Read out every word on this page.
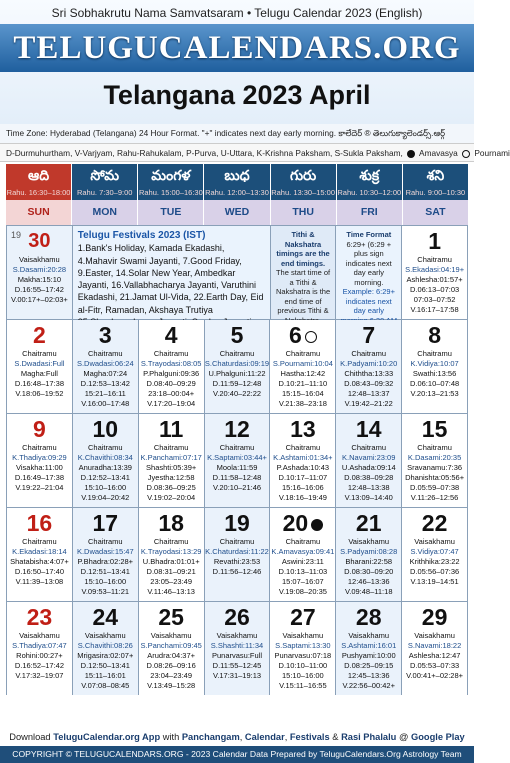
Sri Sobhakrutu Nama Samvatsaram • Telugu Calendar 2023 (English)
TELUGUCALENDARS.ORG
Telangana 2023 April
Time Zone: Hyderabad (Telangana) 24 Hour Format. "+" indicates next day early morning. కాలేదెర్ ® తెలుగుక్యాలెండర్స్.ఆర్గ్
D-Durmuhurtham, V-Varjyam, Rahu-Rahukalam, P-Purva, U-Uttara, K-Krishna Paksham, S-Sukla Paksham, Amavasya Pournami
ఆది
Rahu. 16:30–18:00
SUN
సోమ
Rahu. 7:30–9:00
MON
మంగళ
Rahu. 15:00–16:30
TUE
బుధ
Rahu. 12:00–13:30
WED
గురు
Rahu. 13:30–15:00
THU
శుక్ర
Rahu. 10:30–12:00
FRI
శని
Rahu. 9:00–10:30
SAT
19 30
Vaisakhamu
S.Dasami:20:28
Makha:15:10
D.16:55–17:42
V.00:17+–02:03+
Telugu Festivals 2023 (IST)
1.Bank's Holiday, Kamada Ekadashi, 4.Mahavir Swami Jayanti, 7.Good Friday, 9.Easter, 14.Solar New Year, Ambedkar Jayanti, 16.Vallabhacharya Jayanti, Varuthini Ekadashi, 21.Jamat Ul-Vida, 22.Earth Day, Eid al-Fitr, Ramadan, Akshaya Trutiya
Tithi & Nakshatra timings are the end timings.
The start time of a Tithi & Nakshatra is the end time of previous Tithi &
Time Format
6:29+ (6:29 + plus sign indicates next day early morning.
Example: 6:29+ indicates next day early
1
Chaitramu
S.Ekadasi:04:19+
Ashlesha:01:57+
D.06:13–07:03
07:03–07:52
V.16:17–17:58
2
Chaitramu
S.Dwadasi:Full
Magha:Full
D.16:48–17:38
V.18:06–19:52
3
Chaitramu
S.Dwadasi:06:24
Magha:07:24
D.12:53–13:42
15:21–16:11
V.16:00–17:48
4
Chaitramu
S.Trayodasi:08:05
P.Phalguni:09:36
D.08:40–09:29
23:18–00:04+
V.17:20–19:04
5
Chaitramu
S.Chaturdasi:09:19
U.Phalguni:11:22
D.11:59–12:48
V.20:40–22:22
6
Chaitramu
S.Pournami:10:04
Hastha:12:42
D.10:21–11:10
15:15–16:04
V.21:38–23:18
7
Chaitramu
K.Padyami:10:20
Chiththa:13:33
D.08:43–09:32
12:48–13:37
V.19:42–21:22
8
Chaitramu
K.Vidiya:10:07
Swathi:13:56
D.06:10–07:48
V.20:13–21:53
9
Chaitramu
K.Thadiya:09:29
Visakha:11:00
D.16:49–17:38
V.19:22–21:04
10
Chaitramu
K.Chavithi:08:34
Anuradha:13:39
D.12:52–13:41
15:10–16:00
V.19:04–20:42
11
Chaitramu
K.Panchami:07:17
Shashti:05:39+
Jyestha:12:58
D.08:36–09:25
V.19:02–20:04
12
Chaitramu
K.Saptami:03:44+
Moola:11:59
D.11:58–12:48
V.20:10–21:46
13
Chaitramu
K.Ashtami:01:34+
P.Ashada:10:43
D.10:17–11:07
15:16–16:06
V.18:16–19:49
14
Chaitramu
K.Navami:23:09
U.Ashada:09:14
D.08:38–09:28
12:48–13:38
V.13:09–14:40
15
Chaitramu
K.Dasami:20:35
Sravanamu:7:36
Dhanishta:05:56+
D.05:59–07:38
V.11:26–12:56
16
Chaitramu
K.Ekadasi:18:14
Shatabisha:4:07+
D.16:50–17:40
V.11:39–13:08
17
Chaitramu
K.Dwadasi:15:47
P.Bhadra:02:28+
D.12:51–13:41
15:10–16:00
V.09:53–11:21
18
Chaitramu
K.Trayodasi:13:29
U.Bhadra:01:01+
D.08:31–09:21
23:05–23:49
V.11:46–13:13
19
Chaitramu
K.Chaturdasi:11:22
Revathi:23:53
D.11:56–12:46
20
Chaitramu
K.Amavasya:09:41
Aswini:23:11
D.10:13–11:03
15:07–16:07
V.19:08–20:35
21
Vaisakhamu
S.Padyami:08:28
Bharani:22:58
D.08:30–09:20
12:46–13:36
V.09:48–11:18
22
Vaisakhamu
S.Vidiya:07:47
Krithhika:23:22
D.05:56–07:36
V.13:19–14:51
23
Vaisakhamu
S.Thadiya:07:47
Rohini:00:27+
D.16:52–17:42
V.17:32–19:07
24
Vaisakhamu
S.Chavithi:08:26
Mrigasira:02:07+
D.12:50–13:41
15:11–16:01
V.07:08–08:45
25
Vaisakhamu
S.Panchami:09:45
Arudra:04:37+
D.08:26–09:16
23:04–23:49
V.13:49–15:28
26
Vaisakhamu
S.Shashti:11:34
Punarvasu:Full
D.11:55–12:45
V.17:31–19:13
27
Vaisakhamu
S.Saptami:13:30
Punarvasu:07:18
D.10:10–11:00
15:10–16:00
V.15:11–16:55
28
Vaisakhamu
S.Ashtami:16:01
Pushyami:10:00
D.08:25–09:15
12:45–13:36
V.22:56–00:42+
29
Vaisakhamu
S.Navami:18:22
Ashlesha:12:47
D.05:53–07:33
V.00:41+–02:28+
Download TeluguCalendar.org App with Panchangam, Calendar, Festivals & Rasi Phalalu @ Google Play
COPYRIGHT © TELUGUCALENDARS.ORG - 2023 Calendar Data Prepared by TeluguCalendars.Org Astrology Team
